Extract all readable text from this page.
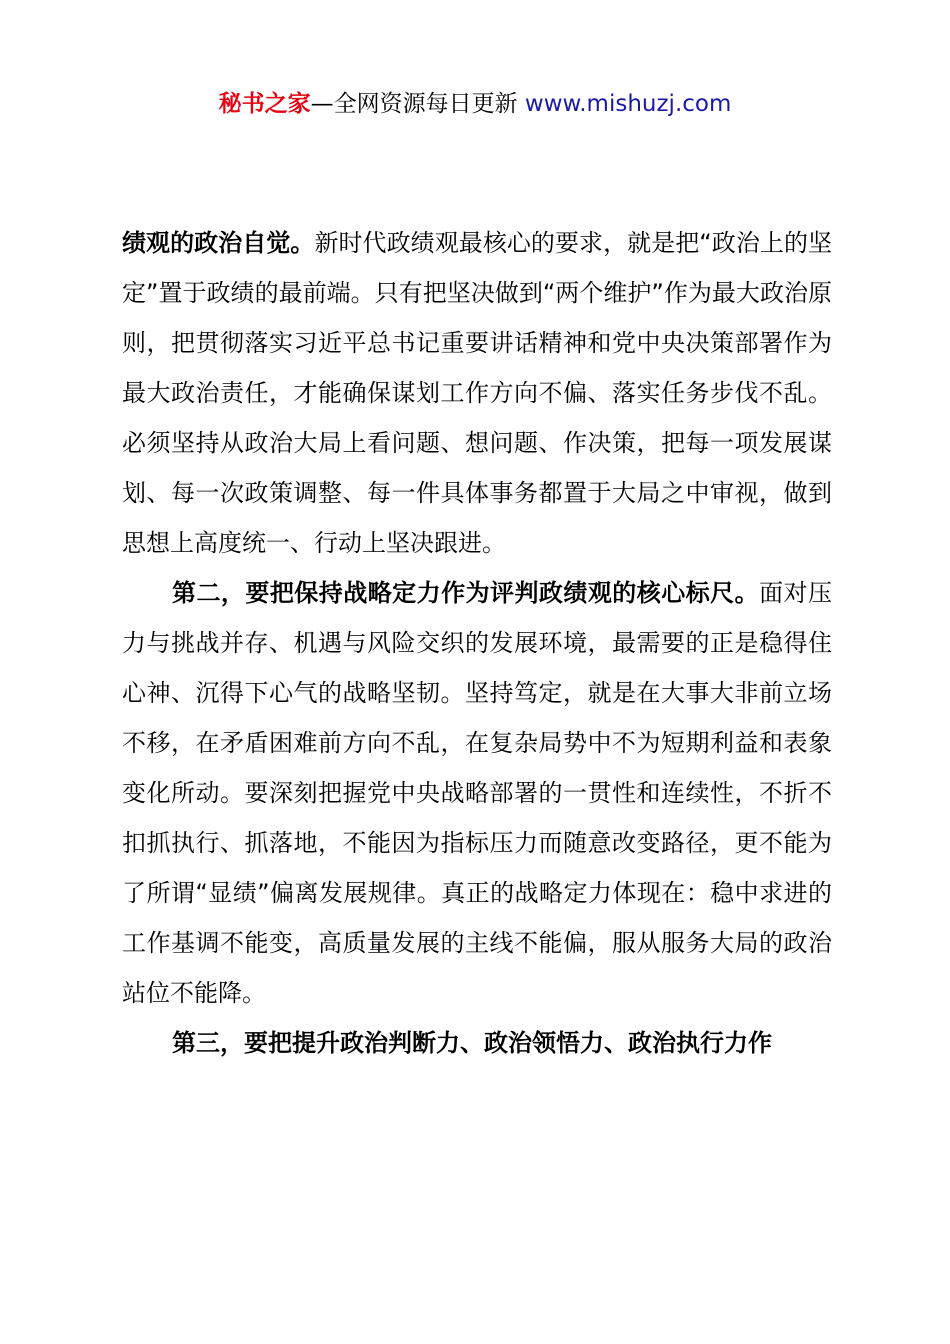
秘书之家—全网资源每日更新 www.mishuzj.com

绩观的政治自觉。新时代政绩观最核心的要求，就是把“政治上的坚定”置于政绩的最前端。只有把坚决做到“两个维护”作为最大政治原则，把贯彻落实习近平总书记重要讲话精神和党中央决策部署作为最大政治责任，才能确保谋划工作方向不偏、落实任务步伐不乱。必须坚持从政治大局上看问题、想问题、作决策，把每一项发展谋划、每一次政策调整、每一件具体事务都置于大局之中审视，做到思想上高度统一、行动上坚决跟进。

第二，要把保持战略定力作为评判政绩观的核心标尺。面对压力与挑战并存、机遇与风险交织的发展环境，最需要的正是稳得住心神、沉得下心气的战略坚韧。坚持笃定，就是在大事大非前立场不移，在矛盾困难前方向不乱，在复杂局势中不为短期利益和表象变化所动。要深刻把握党中央战略部署的一贯性和连续性，不折不扣抓执行、抓落地，不能因为指标压力而随意改变路径，更不能为了所谓“显绩”偏离发展规律。真正的战略定力体现在：稳中求进的工作基调不能变，高质量发展的主线不能偏，服从服务大局的政治站位不能降。

第三，要把提升政治判断力、政治领悟力、政治执行力作
